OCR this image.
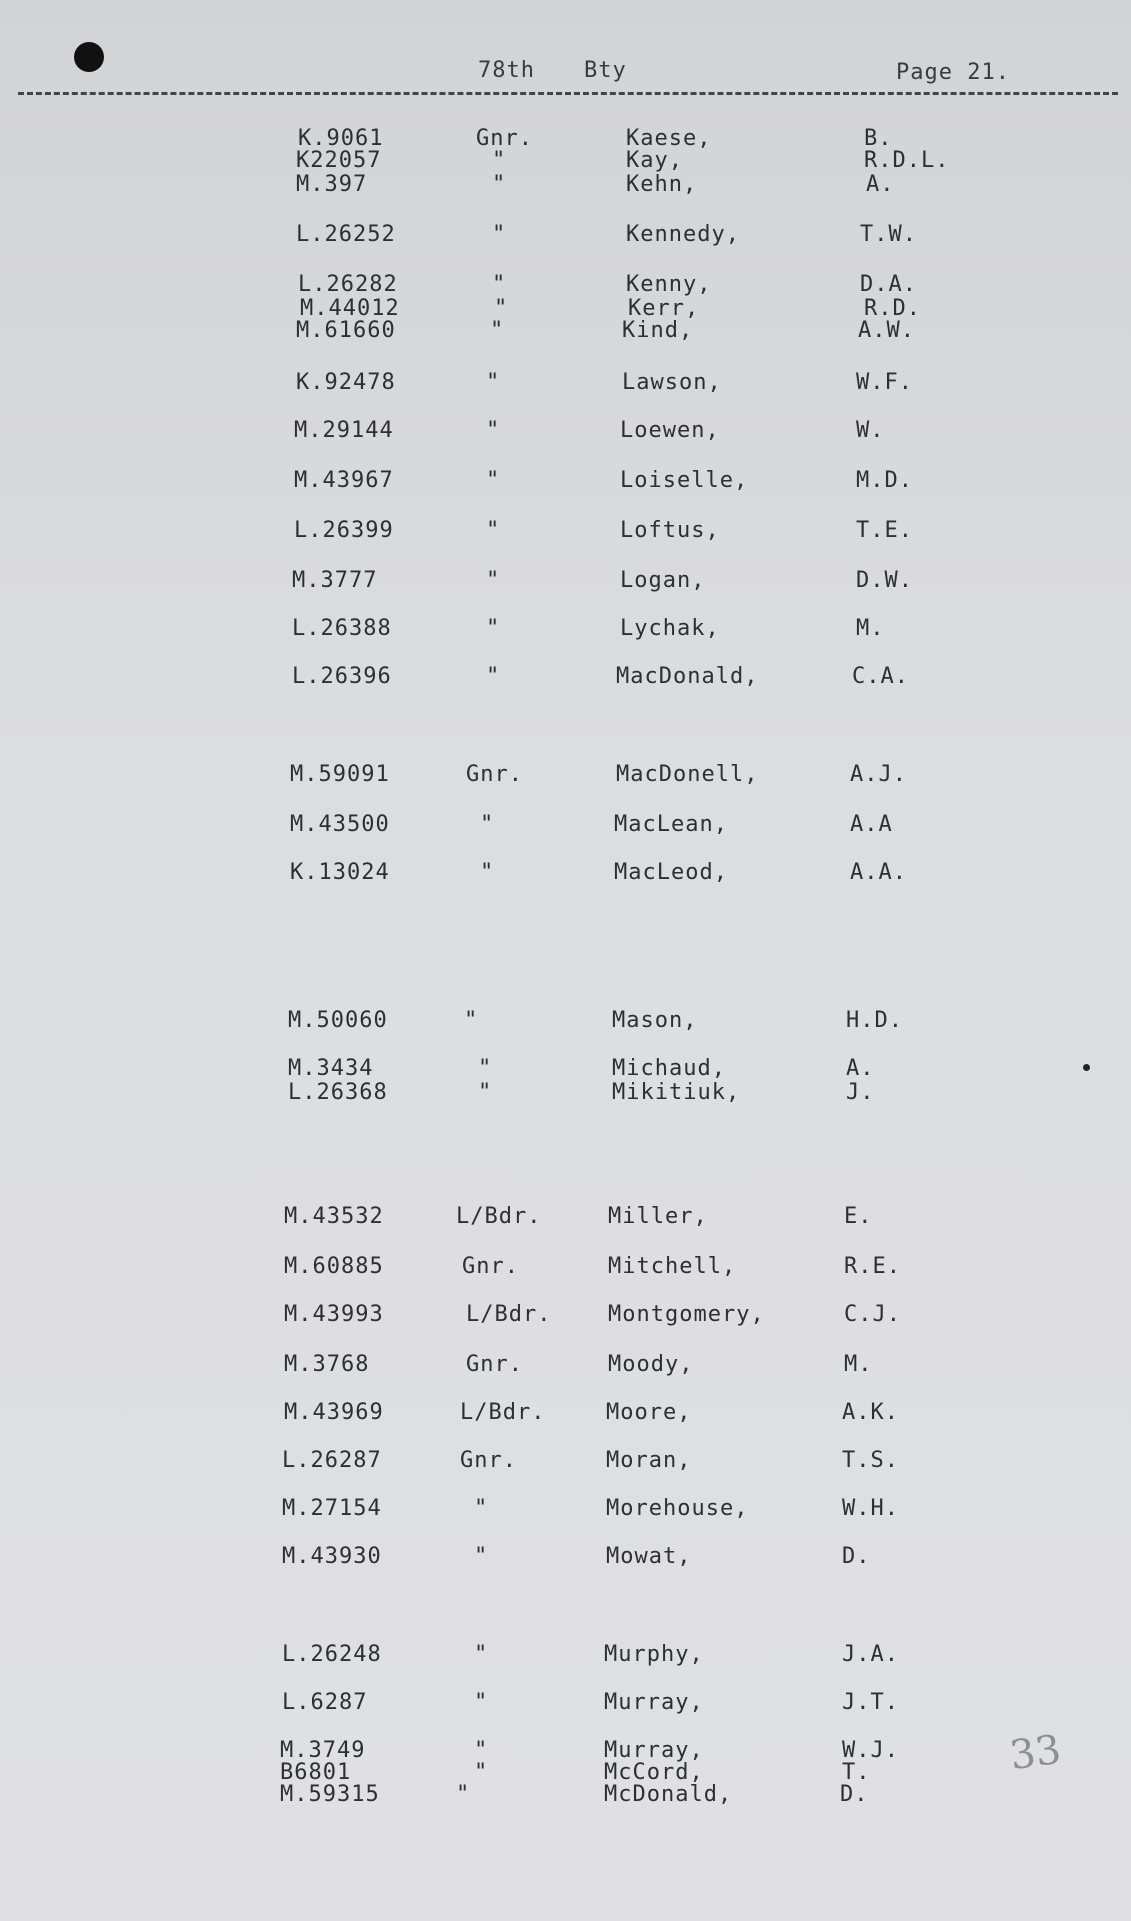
78th Bty	Page 21.
K.9061	Gnr.	Kaese,	B.
K22057	"	Kay,	R.D.L.
M.397	"	Kehn,	A.
L.26252	"	Kennedy,	T.W.
L.26282	"	Kenny,	D.A.
M.44012	"	Kerr,	R.D.
M.61660	"	Kind,	A.W.
K.92478	"	Lawson,	W.F.
M.29144	"	Loewen,	W.
M.43967	"	Loiselle,	M.D.
L.26399	"	Loftus,	T.E.
M.3777	"	Logan,	D.W.
L.26388	"	Lychak,	M.
L.26396	"	MacDonald,	C.A.
M.59091	Gnr.	MacDonell,	A.J.
M.43500	"	MacLean,	A.A
K.13024	"	MacLeod,	A.A.
M.50060	"	Mason,	H.D.
M.3434	"	Michaud,	A.
L.26368	"	Mikitiuk,	J.
M.43532	L/Bdr.	Miller,	E.
M.60885	Gnr.	Mitchell,	R.E.
M.43993	L/Bdr.	Montgomery,	C.J.
M.3768	Gnr.	Moody,	M.
M.43969	L/Bdr.	Moore,	A.K.
L.26287	Gnr.	Moran,	T.S.
M.27154	"	Morehouse,	W.H.
M.43930	"	Mowat,	D.
L.26248	"	Murphy,	J.A.
L.6287	"	Murray,	J.T.
M.3749	"	Murray,	W.J.
B6801	"	McCord,	T.
M.59315	"	McDonald,	D.
33
